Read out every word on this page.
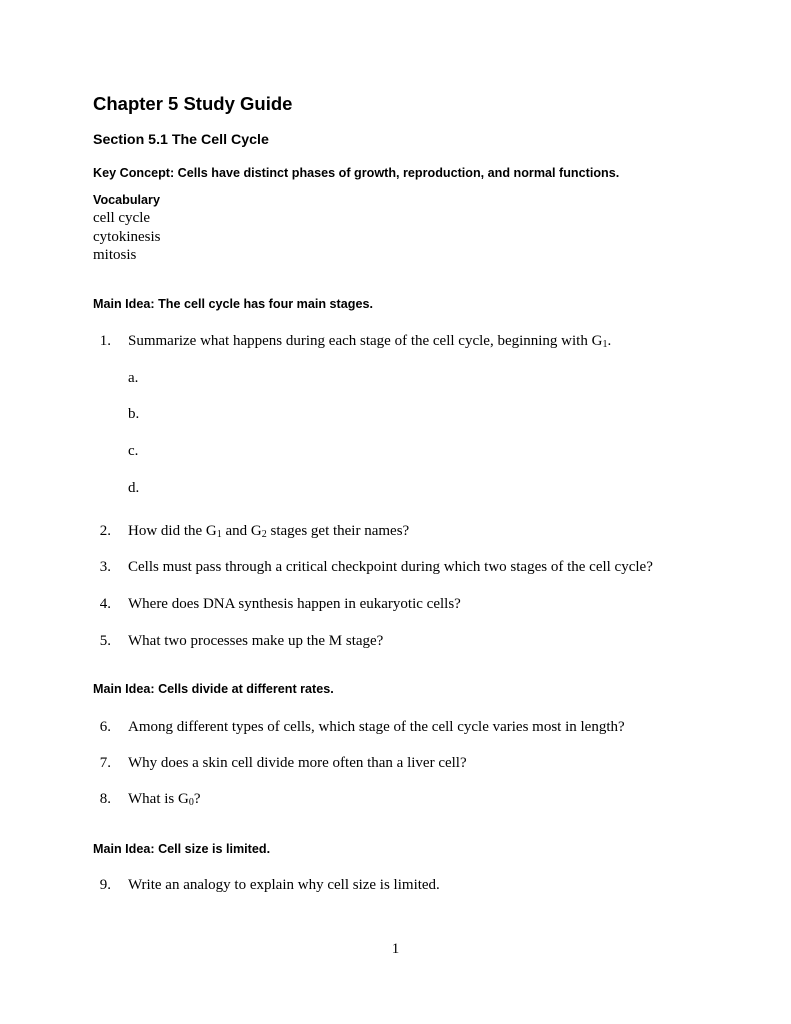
Chapter 5 Study Guide
Section 5.1 The Cell Cycle
Key Concept: Cells have distinct phases of growth, reproduction, and normal functions.
Vocabulary
cell cycle
cytokinesis
mitosis
Main Idea: The cell cycle has four main stages.
1. Summarize what happens during each stage of the cell cycle, beginning with $G_1$.
a.
b.
c.
d.
2. How did the $G_1$ and $G_2$ stages get their names?
3. Cells must pass through a critical checkpoint during which two stages of the cell cycle?
4. Where does DNA synthesis happen in eukaryotic cells?
5. What two processes make up the M stage?
Main Idea: Cells divide at different rates.
6. Among different types of cells, which stage of the cell cycle varies most in length?
7. Why does a skin cell divide more often than a liver cell?
8. What is $G_0$?
Main Idea: Cell size is limited.
9. Write an analogy to explain why cell size is limited.
1
